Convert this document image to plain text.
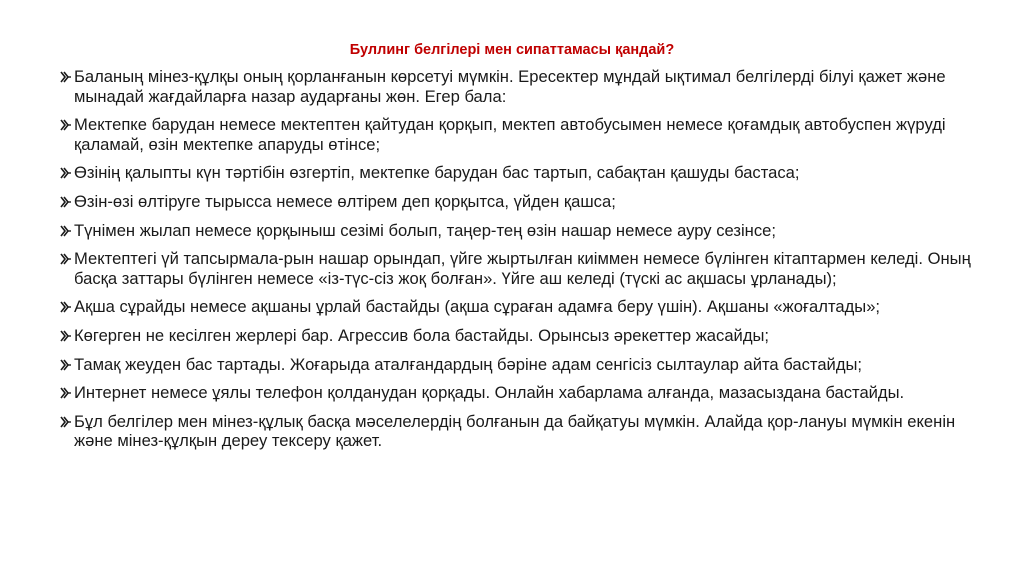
Буллинг белгілері мен сипаттамасы қандай?
Баланың мінез-құлқы оның қорланғанын көрсетуі мүмкін. Ересектер мұндай ықтимал белгілерді білуі қажет және мынадай жағдайларға назар аударғаны жөн. Егер бала:
Мектепке барудан немесе мектептен қайтудан қорқып, мектеп автобусымен немесе қоғамдық автобуспен жүруді қаламай, өзін мектепке апаруды өтінсе;
Өзінің қалыпты күн тәртібін өзгертіп, мектепке барудан бас тартып, сабақтан қашуды бастаса;
Өзін-өзі өлтіруге тырысса немесе өлтірем деп қорқытса, үйден қашса;
Түнімен жылап немесе қорқыныш сезімі болып, таңер-тең өзін нашар немесе ауру сезінсе;
Мектептегі үй тапсырмала-рын нашар орындап, үйге жыртылған киіммен немесе бүлінген кітаптармен келеді. Оның басқа заттары бүлінген немесе «із-түс-сіз жоқ болған». Үйге аш келеді (түскі ас ақшасы ұрланады);
Ақша сұрайды немесе ақшаны ұрлай бастайды (ақша сұраған адамға беру үшін). Ақшаны «жоғалтады»;
Көгерген не кесілген жерлері бар. Агрессив бола бастайды. Орынсыз әрекеттер жасайды;
Тамақ жеуден бас тартады. Жоғарыда аталғандардың бәріне адам сенгісіз сылтаулар айта бастайды;
Интернет немесе ұялы телефон қолданудан қорқады. Онлайн хабарлама алғанда, мазасыздана бастайды.
Бұл белгілер мен мінез-құлық басқа мәселелердің болғанын да байқатуы мүмкін. Алайда қор-лануы мүмкін екенін және мінез-құлқын дереу тексеру қажет.
